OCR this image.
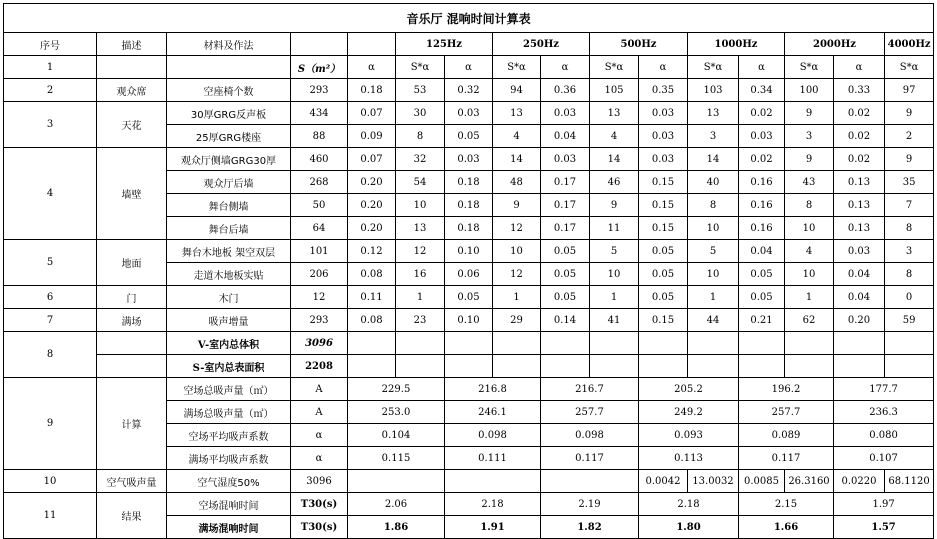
音乐厅 混响时间计算表															
序号	描述	材料及作法			125Hz		250Hz		500Hz		1000Hz		2000Hz		4000Hz
1			S（m²）	α	S*α	α	S*α	α	S*α	α	S*α	α	S*α	α	S*α
2	观众席	空座椅个数	293	0.18	53	0.32	94	0.36	105	0.35	103	0.34	100	0.33	97
3	天花	30厚GRG反声板	434	0.07	30	0.03	13	0.03	13	0.03	13	0.02	9	0.02	9
		25厚GRG楼座	88	0.09	8	0.05	4	0.04	4	0.03	3	0.03	3	0.02	2
4	墙壁	观众厅侧墙GRG30厚	460	0.07	32	0.03	14	0.03	14	0.03	14	0.02	9	0.02	9
		观众厅后墙	268	0.20	54	0.18	48	0.17	46	0.15	40	0.16	43	0.13	35
		舞台侧墙	50	0.20	10	0.18	9	0.17	9	0.15	8	0.16	8	0.13	7
		舞台后墙	64	0.20	13	0.18	12	0.17	11	0.15	10	0.16	10	0.13	8
5	地面	舞台木地板 架空双层	101	0.12	12	0.10	10	0.05	5	0.05	5	0.04	4	0.03	3
		走道木地板实贴	206	0.08	16	0.06	12	0.05	10	0.05	10	0.05	10	0.04	8
6	门	木门	12	0.11	1	0.05	1	0.05	1	0.05	1	0.05	1	0.04	0
7	满场	吸声增量	293	0.08	23	0.10	29	0.14	41	0.15	44	0.21	62	0.20	59
8		V-室内总体积	3096												
		S-室内总表面积	2208												
9	计算	空场总吸声量（㎡）	A	229.5		216.8		216.7		205.2		196.2		177.7	
		满场总吸声量（㎡）	A	253.0		246.1		257.7		249.2		257.7		236.3	
		空场平均吸声系数	α	0.104		0.098		0.098		0.093		0.089		0.080	
		满场平均吸声系数	α	0.115		0.111		0.117		0.113		0.117		0.107	
10	空气吸声量	空气湿度50%	3096							0.0042	13.0032	0.0085	26.3160	0.0220	68.1120
11	结果	空场混响时间	T30(s)	2.06		2.18		2.19		2.18		2.15		1.97	
		满场混响时间	T30(s)	1.86		1.91		1.82		1.80		1.66		1.57	
